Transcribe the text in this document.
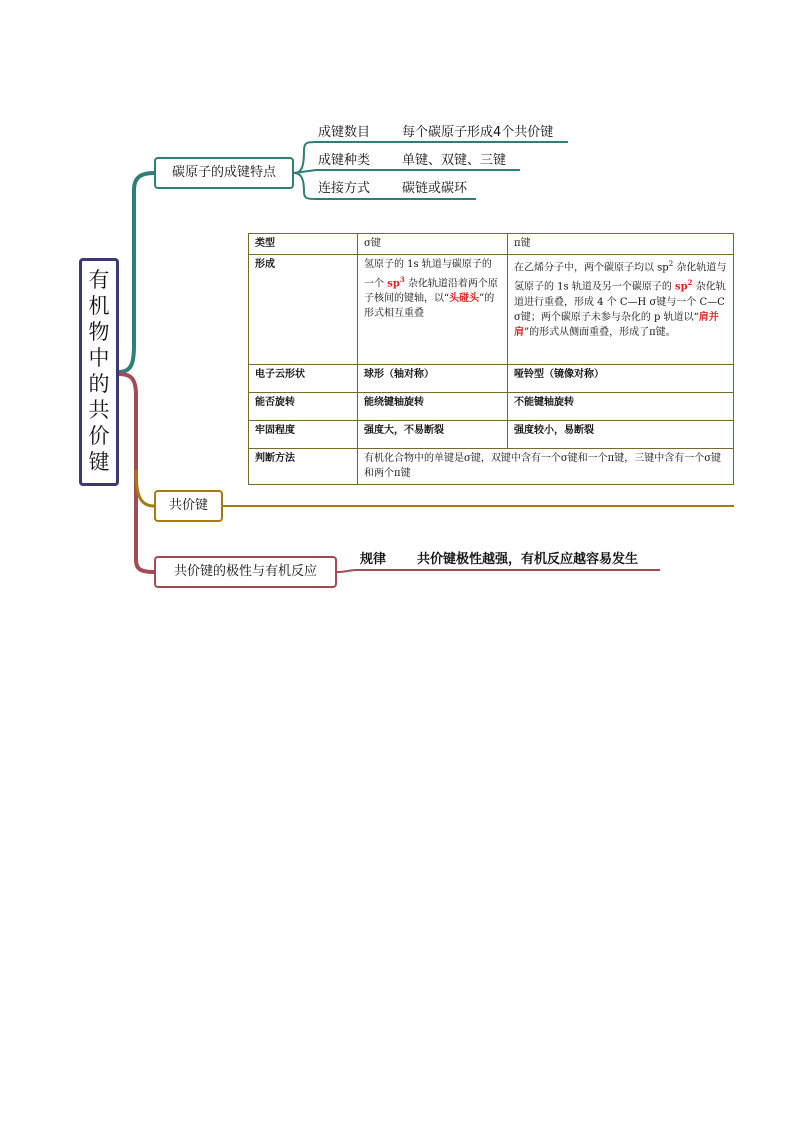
有
机
物
中
的
共
价
键
碳原子的成键特点
成键数目 每个碳原子形成4个共价键
成键种类 单键、双键、三键
连接方式 碳链或碳环
类型	σ键	π键
形成	氢原子的 1s 轨道与碳原子的一个 $sp^3$ 杂化轨道沿着两个原子核间的键轴，以“头碰头”的形式相互重叠	在乙烯分子中，两个碳原子均以 $sp^2$ 杂化轨道与氢原子的 1s 轨道及另一个碳原子的 $sp^2$ 杂化轨道进行重叠，形成 4 个 C—H σ键与一个 C—C σ键；两个碳原子未参与杂化的 p 轨道以“肩并肩”的形式从侧面重叠，形成了π键。
电子云形状	球形（轴对称）	哑铃型（镜像对称）
能否旋转	能绕键轴旋转	不能键轴旋转
牢固程度	强度大，不易断裂	强度较小，易断裂
判断方法	有机化合物中的单键是σ键，双键中含有一个σ键和一个π键，三键中含有一个σ键和两个π键	
共价键
共价键的极性与有机反应
规律 共价键极性越强，有机反应越容易发生
